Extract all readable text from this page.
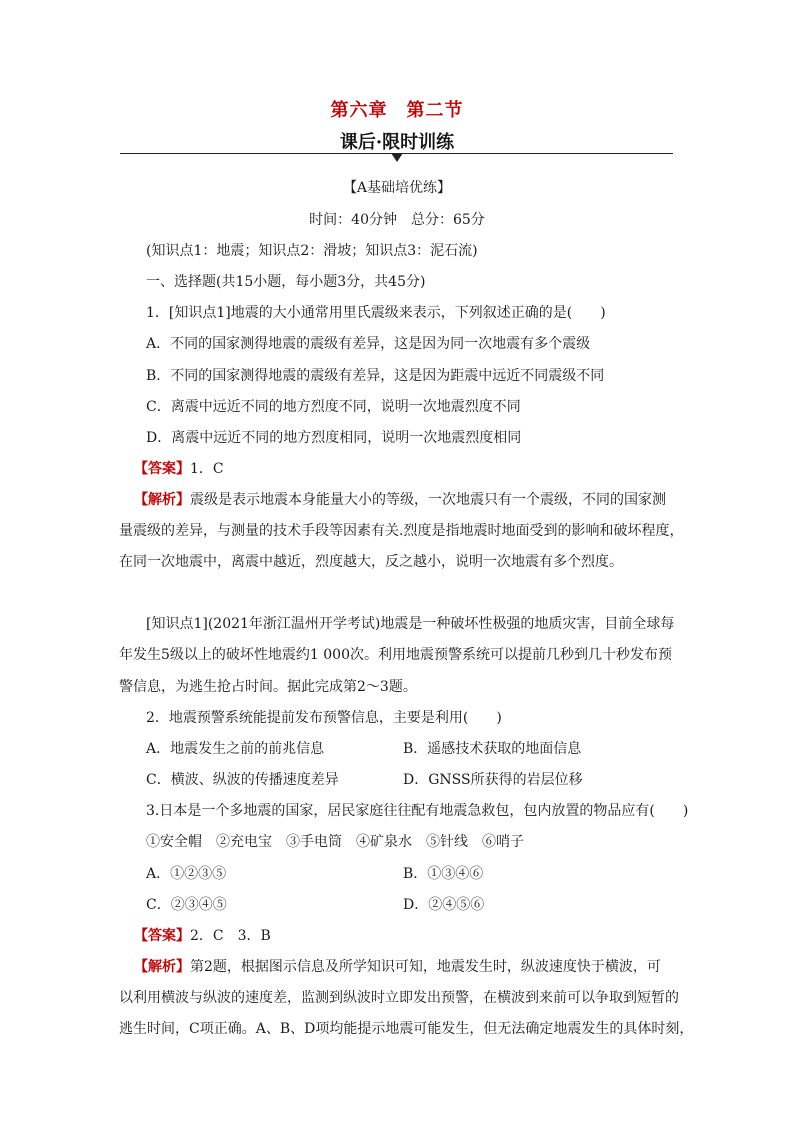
第六章　第二节
课后·限时训练
【A基础培优练】
时间：40分钟　总分：65分
(知识点1：地震；知识点2：滑坡；知识点3：泥石流)
一、选择题(共15小题，每小题3分，共45分)
1．[知识点1]地震的大小通常用里氏震级来表示，下列叙述正确的是(　　)
A．不同的国家测得地震的震级有差异，这是因为同一次地震有多个震级
B．不同的国家测得地震的震级有差异，这是因为距震中远近不同震级不同
C．离震中远近不同的地方烈度不同，说明一次地震烈度不同
D．离震中远近不同的地方烈度相同，说明一次地震烈度相同
【答案】1．C
【解析】震级是表示地震本身能量大小的等级，一次地震只有一个震级，不同的国家测
量震级的差异，与测量的技术手段等因素有关.烈度是指地震时地面受到的影响和破坏程度，
在同一次地震中，离震中越近，烈度越大，反之越小，说明一次地震有多个烈度。
[知识点1](2021年浙江温州开学考试)地震是一种破坏性极强的地质灾害，目前全球每
年发生5级以上的破坏性地震约1 000次。利用地震预警系统可以提前几秒到几十秒发布预
警信息，为逃生抢占时间。据此完成第2～3题。
2．地震预警系统能提前发布预警信息，主要是利用(　　)
A．地震发生之前的前兆信息	B．遥感技术获取的地面信息
C．横波、纵波的传播速度差异	D．GNSS所获得的岩层位移
3.日本是一个多地震的国家，居民家庭往往配有地震急救包，包内放置的物品应有(　　)
①安全帽　②充电宝　③手电筒　④矿泉水　⑤针线　⑥哨子
A．①②③⑤	B．①③④⑥
C．②③④⑤	D．②④⑤⑥
【答案】2．C　3．B
【解析】第2题，根据图示信息及所学知识可知，地震发生时，纵波速度快于横波，可
以利用横波与纵波的速度差，监测到纵波时立即发出预警，在横波到来前可以争取到短暂的
逃生时间，C项正确。A、B、D项均能提示地震可能发生，但无法确定地震发生的具体时刻，
